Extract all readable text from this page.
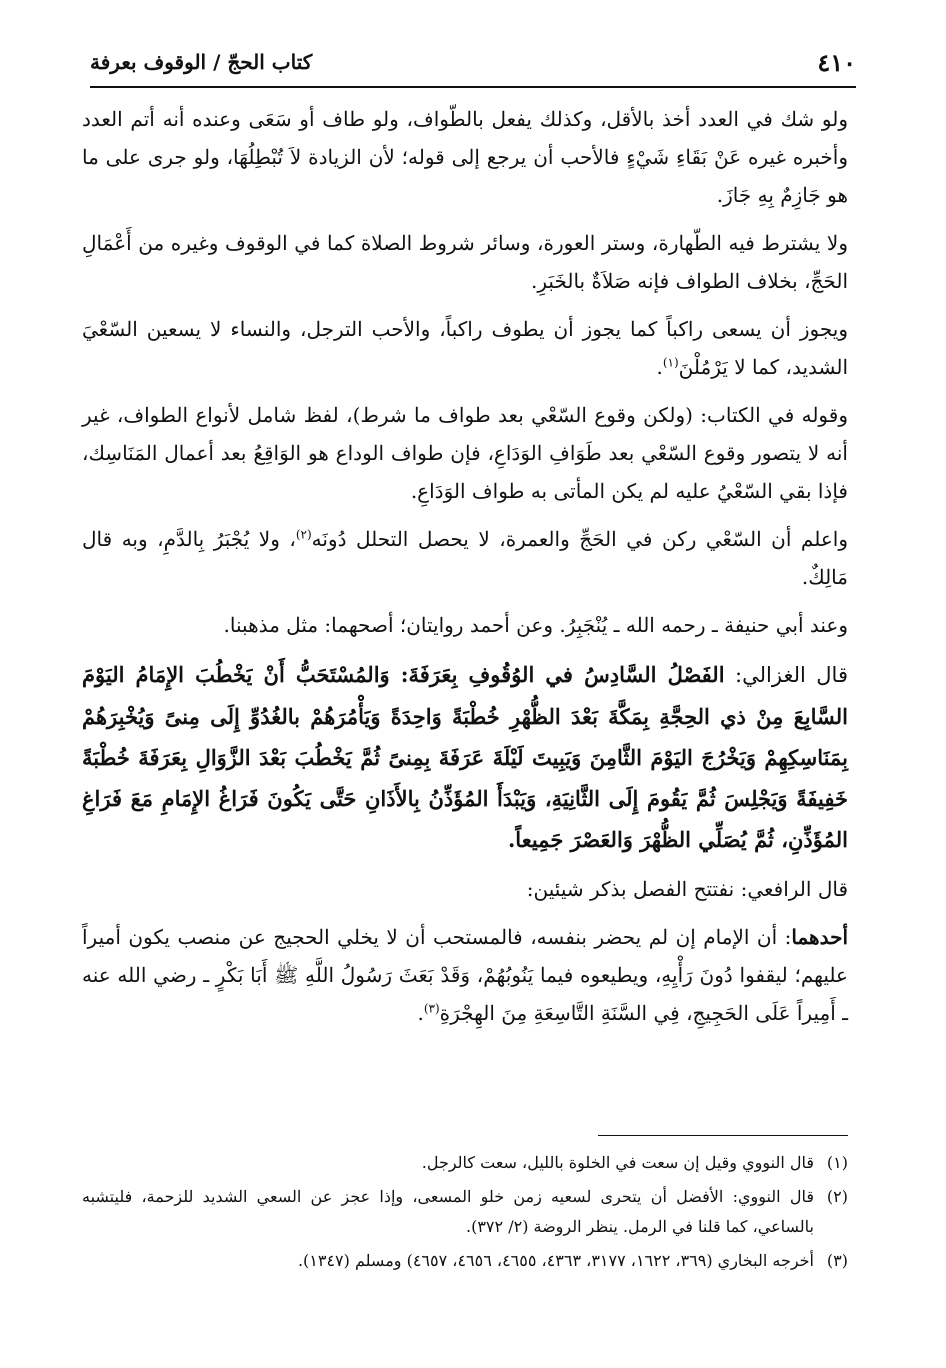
٤١٠
كتاب الحجّ / الوقوف بعرفة

ولو شك في العدد أخذ بالأقل، وكذلك يفعل بالطّواف، ولو طاف أو سَعَى وعنده أنه أتم العدد وأخبره غيره عَنْ بَقَاءِ شَيْءٍ فالأحب أن يرجع إلى قوله؛ لأن الزيادة لاَ تُبْطِلُهَا، ولو جرى على ما هو جَازِمٌ بِهِ جَازَ.

ولا يشترط فيه الطّهارة، وستر العورة، وسائر شروط الصلاة كما في الوقوف وغيره من أَعْمَالِ الحَجِّ، بخلاف الطواف فإنه صَلاَةٌ بالخَبَرِ.

ويجوز أن يسعى راكباً كما يجوز أن يطوف راكباً، والأحب الترجل، والنساء لا يسعين السّعْيَ الشديد، كما لا يَرْمُلْنَ$^{(١)}$.

وقوله في الكتاب: (ولكن وقوع السّعْي بعد طواف ما شرط)، لفظ شامل لأنواع الطواف، غير أنه لا يتصور وقوع السّعْي بعد طَوَافِ الوَدَاعِ، فإن طواف الوداع هو الوَاقِعُ بعد أعمال المَنَاسِك، فإذا بقي السّعْيُ عليه لم يكن المأتى به طواف الوَدَاعِ.

واعلم أن السّعْي ركن في الحَجِّ والعمرة، لا يحصل التحلل دُونَه$^{(٢)}$، ولا يُجْبَرُ بِالدَّمِ، وبه قال مَالِكٌ.

وعند أبي حنيفة ـ رحمه الله ـ يُنْجَبِرُ. وعن أحمد روايتان؛ أصحهما: مثل مذهبنا.

قال الغزالي: الفَصْلُ السَّادِسُ في الوُقُوفِ بِعَرَفَةَ: وَالمُسْتَحَبُّ أَنْ يَخْطُبَ الإِمَامُ اليَوْمَ السَّابِعَ مِنْ ذي الحِجَّةِ بِمَكَّةَ بَعْدَ الظُّهْرِ خُطْبَةً وَاحِدَةً وَيَأْمُرَهُمْ بالغُدُوِّ إِلَى مِنىً وَيُخْبِرَهُمْ بِمَنَاسِكِهِمْ وَيَخْرُجَ اليَوْمَ الثَّامِنَ وَيَبِيتَ لَيْلَةَ عَرَفَةَ بِمِنىً ثُمَّ يَخْطُبَ بَعْدَ الزَّوَالِ بِعَرَفَةَ خُطْبَةً خَفِيفَةً وَيَجْلِسَ ثُمَّ يَقُومَ إِلَى الثَّانِيَةِ، وَيَبْدَأَ المُؤَذِّنُ بِالأَذَانِ حَتَّى يَكُونَ فَرَاغُ الإِمَامِ مَعَ فَرَاغِ المُؤَذِّنِ، ثُمَّ يُصَلِّي الظُّهْرَ وَالعَصْرَ جَمِيعاً.

قال الرافعي: نفتتح الفصل بذكر شيئين:

أحدهما: أن الإمام إن لم يحضر بنفسه، فالمستحب أن لا يخلي الحجيج عن منصب يكون أميراً عليهم؛ ليقفوا دُونَ رَأْيِهِ، ويطيعوه فيما يَنُوبُهُمْ، وَقَدْ بَعَثَ رَسُولُ اللَّهِ ﷺ أَبَا بَكْرٍ ـ رضي الله عنه ـ أَمِيراً عَلَى الحَجِيجِ، فِي السَّنَةِ التَّاسِعَةِ مِنَ الهِجْرَةِ$^{(٣)}$.

(١)
قال النووي وقيل إن سعت في الخلوة بالليل، سعت كالرجل.
(٢)
قال النووي: الأفضل أن يتحرى لسعيه زمن خلو المسعى، وإذا عجز عن السعي الشديد للزحمة، فليتشبه بالساعي، كما قلنا في الرمل. ينظر الروضة (٢/ ٣٧٢).
(٣)
أخرجه البخاري (٣٦٩، ١٦٢٢، ٣١٧٧، ٤٣٦٣، ٤٦٥٥، ٤٦٥٦، ٤٦٥٧) ومسلم (١٣٤٧).
